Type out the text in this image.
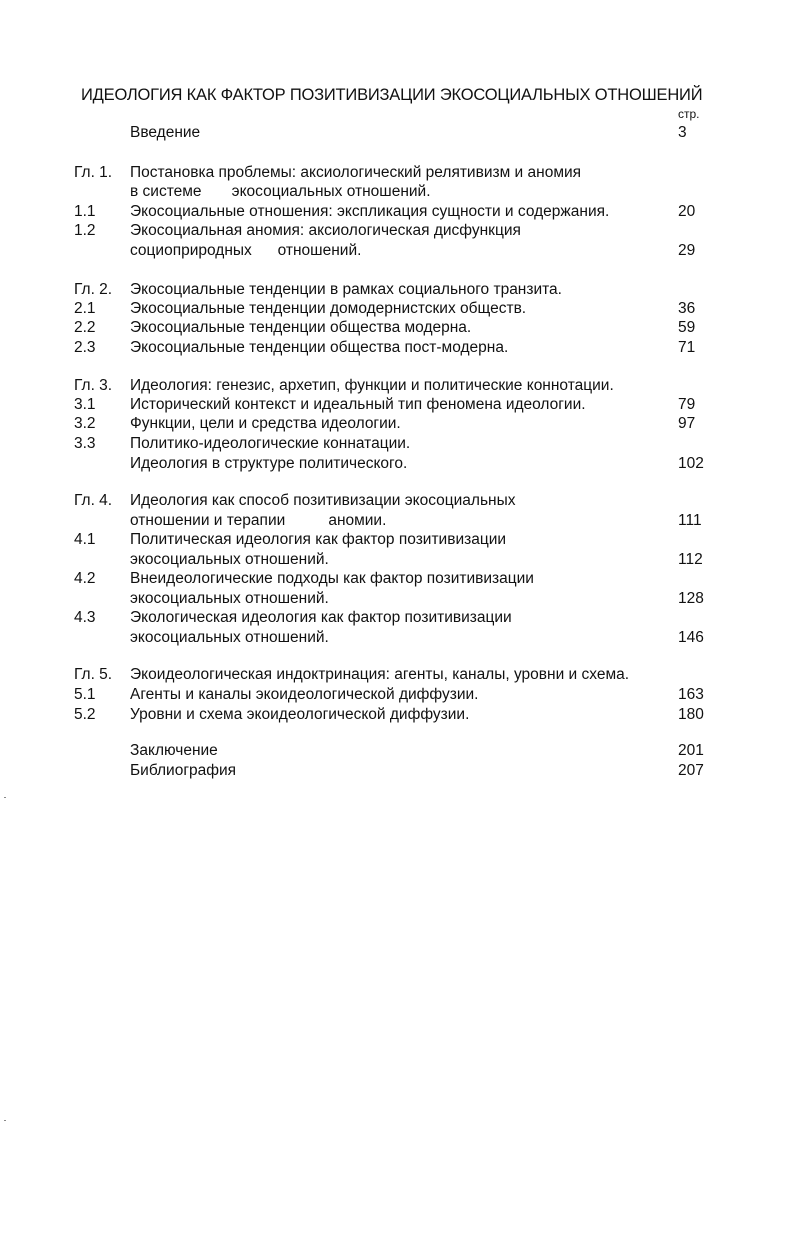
ИДЕОЛОГИЯ КАК ФАКТОР ПОЗИТИВИЗАЦИИ ЭКОСОЦИАЛЬНЫХ ОТНОШЕНИЙ
стр.
Введение	3
Гл. 1. Постановка проблемы: аксиологический релятивизм и аномия
в системе       экосоциальных отношений.
1.1 Экосоциальные отношения: экспликация сущности и содержания.	20
1.2 Экосоциальная аномия: аксиологическая дисфункция
социоприродных      отношений.	29
Гл. 2. Экосоциальные тенденции в рамках социального транзита.
2.1 Экосоциальные тенденции домодернистских обществ.	36
2.2 Экосоциальные тенденции общества модерна.	59
2.3 Экосоциальные тенденции общества пост-модерна.	71
Гл. 3. Идеология: генезис, архетип, функции и политические коннотации.
3.1 Исторический контекст и идеальный тип феномена идеологии.	79
3.2 Функции, цели и средства идеологии.	97
3.3 Политико-идеологические коннатации.
Идеология в структуре политического.	102
Гл. 4. Идеология как способ позитивизации экосоциальных
отношении и терапии          аномии.	111
4.1 Политическая идеология как фактор позитивизации
экосоциальных отношений.	112
4.2 Внеидеологические подходы как фактор позитивизации
экосоциальных отношений.	128
4.3 Экологическая идеология как фактор позитивизации
экосоциальных отношений.	146
Гл. 5. Экоидеологическая индоктринация: агенты, каналы, уровни и схема.
5.1 Агенты и каналы экоидеологической диффузии.	163
5.2 Уровни и схема экоидеологической диффузии.	180
Заключение	201
Библиография	207
